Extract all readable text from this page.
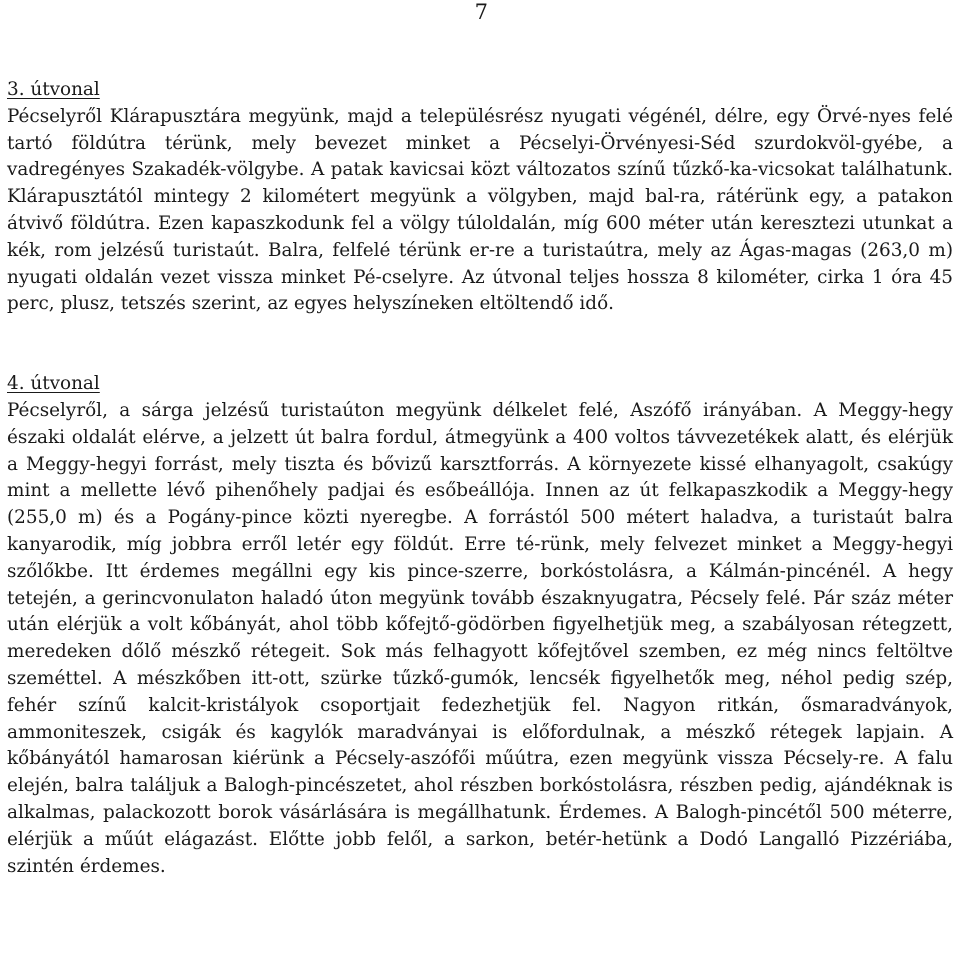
7
3. útvonal

Pécselyről Klárapusztára megyünk, majd a településrész nyugati végénél, délre, egy Örvé-nyes felé tartó földútra térünk, mely bevezet minket a Pécselyi-Örvényesi-Séd szurdokvöl-gyébe, a vadregényes Szakadék-völgybe. A patak kavicsai közt változatos színű tűzkő-ka-vicsokat találhatunk. Klárapusztától mintegy 2 kilométert megyünk a völgyben, majd bal-ra, rátérünk egy, a patakon átvivő földútra. Ezen kapaszkodunk fel a völgy túloldalán, míg 600 méter után keresztezi utunkat a kék, rom jelzésű turistaút. Balra, felfelé térünk er-re a turistaútra, mely az Ágas-magas (263,0 m) nyugati oldalán vezet vissza minket Pé-cselyre. Az útvonal teljes hossza 8 kilométer, cirka 1 óra 45 perc, plusz, tetszés szerint, az egyes helyszíneken eltöltendő idő.

4. útvonal

Pécselyről, a sárga jelzésű turistaúton megyünk délkelet felé, Aszófő irányában. A Meggy-hegy északi oldalát elérve, a jelzett út balra fordul, átmegyünk a 400 voltos távvezetékek alatt, és elérjük a Meggy-hegyi forrást, mely tiszta és bővizű karsztforrás. A környezete kissé elhanyagolt, csakúgy mint a mellette lévő pihenőhely padjai és esőbeállója. Innen az út felkapaszkodik a Meggy-hegy (255,0 m) és a Pogány-pince közti nyeregbe. A forrástól 500 métert haladva, a turistaút balra kanyarodik, míg jobbra erről letér egy földút. Erre té-rünk, mely felvezet minket a Meggy-hegyi szőlőkbe. Itt érdemes megállni egy kis pince-szerre, borkóstolásra, a Kálmán-pincénél. A hegy tetején, a gerincvonulaton haladó úton megyünk tovább északnyugatra, Pécsely felé. Pár száz méter után elérjük a volt kőbányát, ahol több kőfejtő-gödörben figyelhetjük meg, a szabályosan rétegzett, meredeken dőlő mészkő rétegeit. Sok más felhagyott kőfejtővel szemben, ez még nincs feltöltve szeméttel. A mészkőben itt-ott, szürke tűzkő-gumók, lencsék figyelhetők meg, néhol pedig szép, fehér színű kalcit-kristályok csoportjait fedezhetjük fel. Nagyon ritkán, ősmaradványok, ammoniteszek, csigák és kagylók maradványai is előfordulnak, a mészkő rétegek lapjain. A kőbányától hamarosan kiérünk a Pécsely-aszófői műútra, ezen megyünk vissza Pécsely-re. A falu elején, balra találjuk a Balogh-pincészetet, ahol részben borkóstolásra, részben pedig, ajándéknak is alkalmas, palackozott borok vásárlására is megállhatunk. Érdemes. A Balogh-pincétől 500 méterre, elérjük a műút elágazást. Előtte jobb felől, a sarkon, betér-hetünk a Dodó Langalló Pizzériába, szintén érdemes.
